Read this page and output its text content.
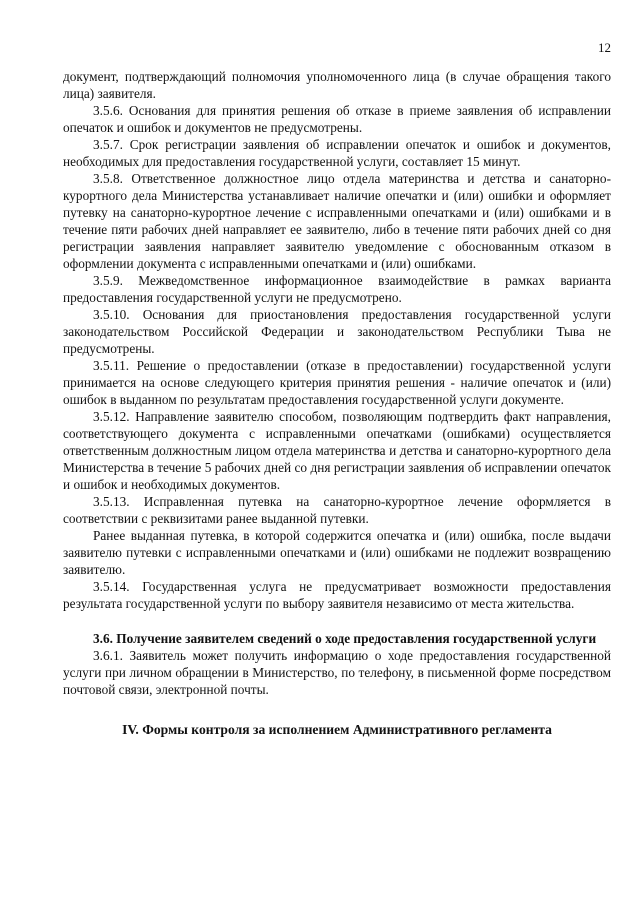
12

документ, подтверждающий полномочия уполномоченного лица (в случае обращения такого лица) заявителя.

3.5.6. Основания для принятия решения об отказе в приеме заявления об исправлении опечаток и ошибок и документов не предусмотрены.

3.5.7. Срок регистрации заявления об исправлении опечаток и ошибок и документов, необходимых для предоставления государственной услуги, составляет 15 минут.

3.5.8. Ответственное должностное лицо отдела материнства и детства и санаторно-курортного дела Министерства устанавливает наличие опечатки и (или) ошибки и оформляет путевку на санаторно-курортное лечение с исправленными опечатками и (или) ошибками и в течение пяти рабочих дней направляет ее заявителю, либо в течение пяти рабочих дней со дня регистрации заявления направляет заявителю уведомление с обоснованным отказом в оформлении документа с исправленными опечатками и (или) ошибками.

3.5.9. Межведомственное информационное взаимодействие в рамках варианта предоставления государственной услуги не предусмотрено.

3.5.10. Основания для приостановления предоставления государственной услуги законодательством Российской Федерации и законодательством Республики Тыва не предусмотрены.

3.5.11. Решение о предоставлении (отказе в предоставлении) государственной услуги принимается на основе следующего критерия принятия решения - наличие опечаток и (или) ошибок в выданном по результатам предоставления государственной услуги документе.

3.5.12. Направление заявителю способом, позволяющим подтвердить факт направления, соответствующего документа с исправленными опечатками (ошибками) осуществляется ответственным должностным лицом отдела материнства и детства и санаторно-курортного дела Министерства в течение 5 рабочих дней со дня регистрации заявления об исправлении опечаток и ошибок и необходимых документов.

3.5.13. Исправленная путевка на санаторно-курортное лечение оформляется в соответствии с реквизитами ранее выданной путевки.

Ранее выданная путевка, в которой содержится опечатка и (или) ошибка, после выдачи заявителю путевки с исправленными опечатками и (или) ошибками не подлежит возвращению заявителю.

3.5.14. Государственная услуга не предусматривает возможности предоставления результата государственной услуги по выбору заявителя независимо от места жительства.

3.6. Получение заявителем сведений о ходе предоставления государственной услуги

3.6.1. Заявитель может получить информацию о ходе предоставления государственной услуги при личном обращении в Министерство, по телефону, в письменной форме посредством почтовой связи, электронной почты.

IV. Формы контроля за исполнением Административного регламента
